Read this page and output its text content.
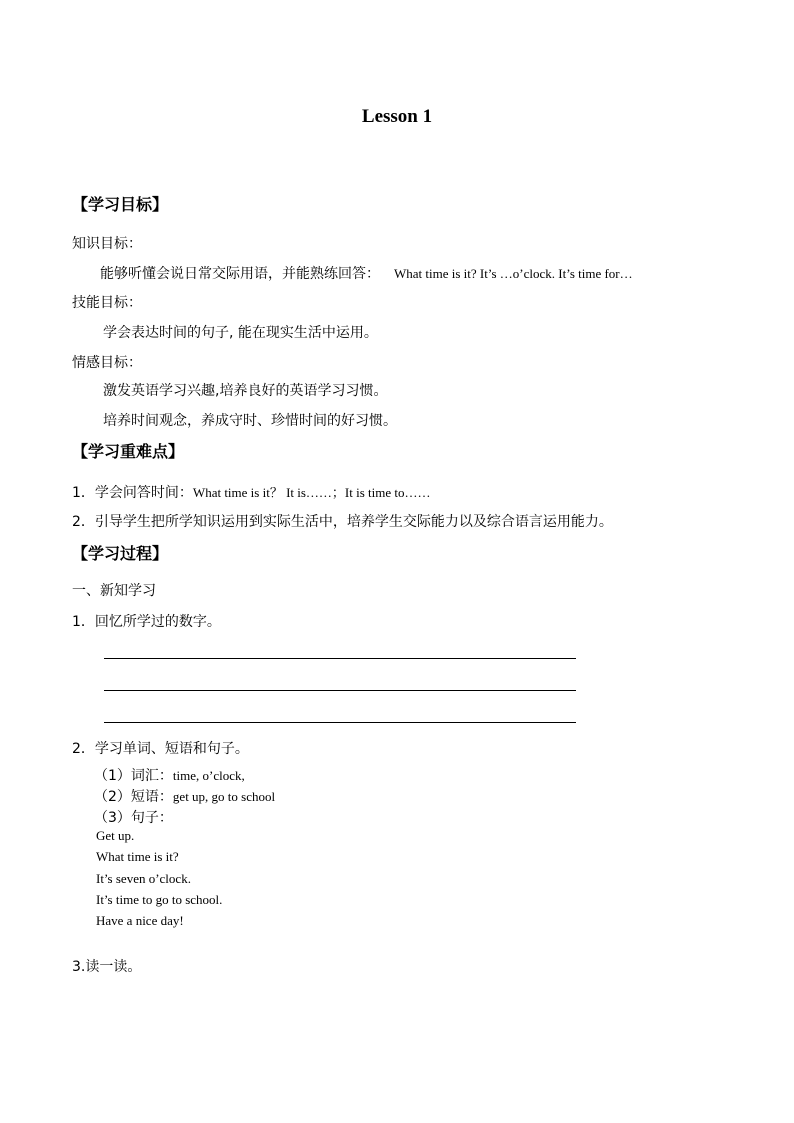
Lesson 1
【学习目标】
知识目标：
能够听懂会说日常交际用语，并能熟练回答： What time is it? It’s …o’clock. It’s time for…
技能目标：
学会表达时间的句子, 能在现实生活中运用。
情感目标：
激发英语学习兴趣,培养良好的英语学习习惯。
培养时间观念，养成守时、珍惜时间的好习惯。
【学习重难点】
1．学会问答时间：What time is it？ It is……；It is time to……
2．引导学生把所学知识运用到实际生活中，培养学生交际能力以及综合语言运用能力。
【学习过程】
一、新知学习
1．回忆所学过的数字。
2．学习单词、短语和句子。
（1）词汇：time, o’clock,
（2）短语：get up, go to school
（3）句子：
Get up.
What time is it?
It’s seven o’clock.
It’s time to go to school.
Have a nice day!
3.读一读。
